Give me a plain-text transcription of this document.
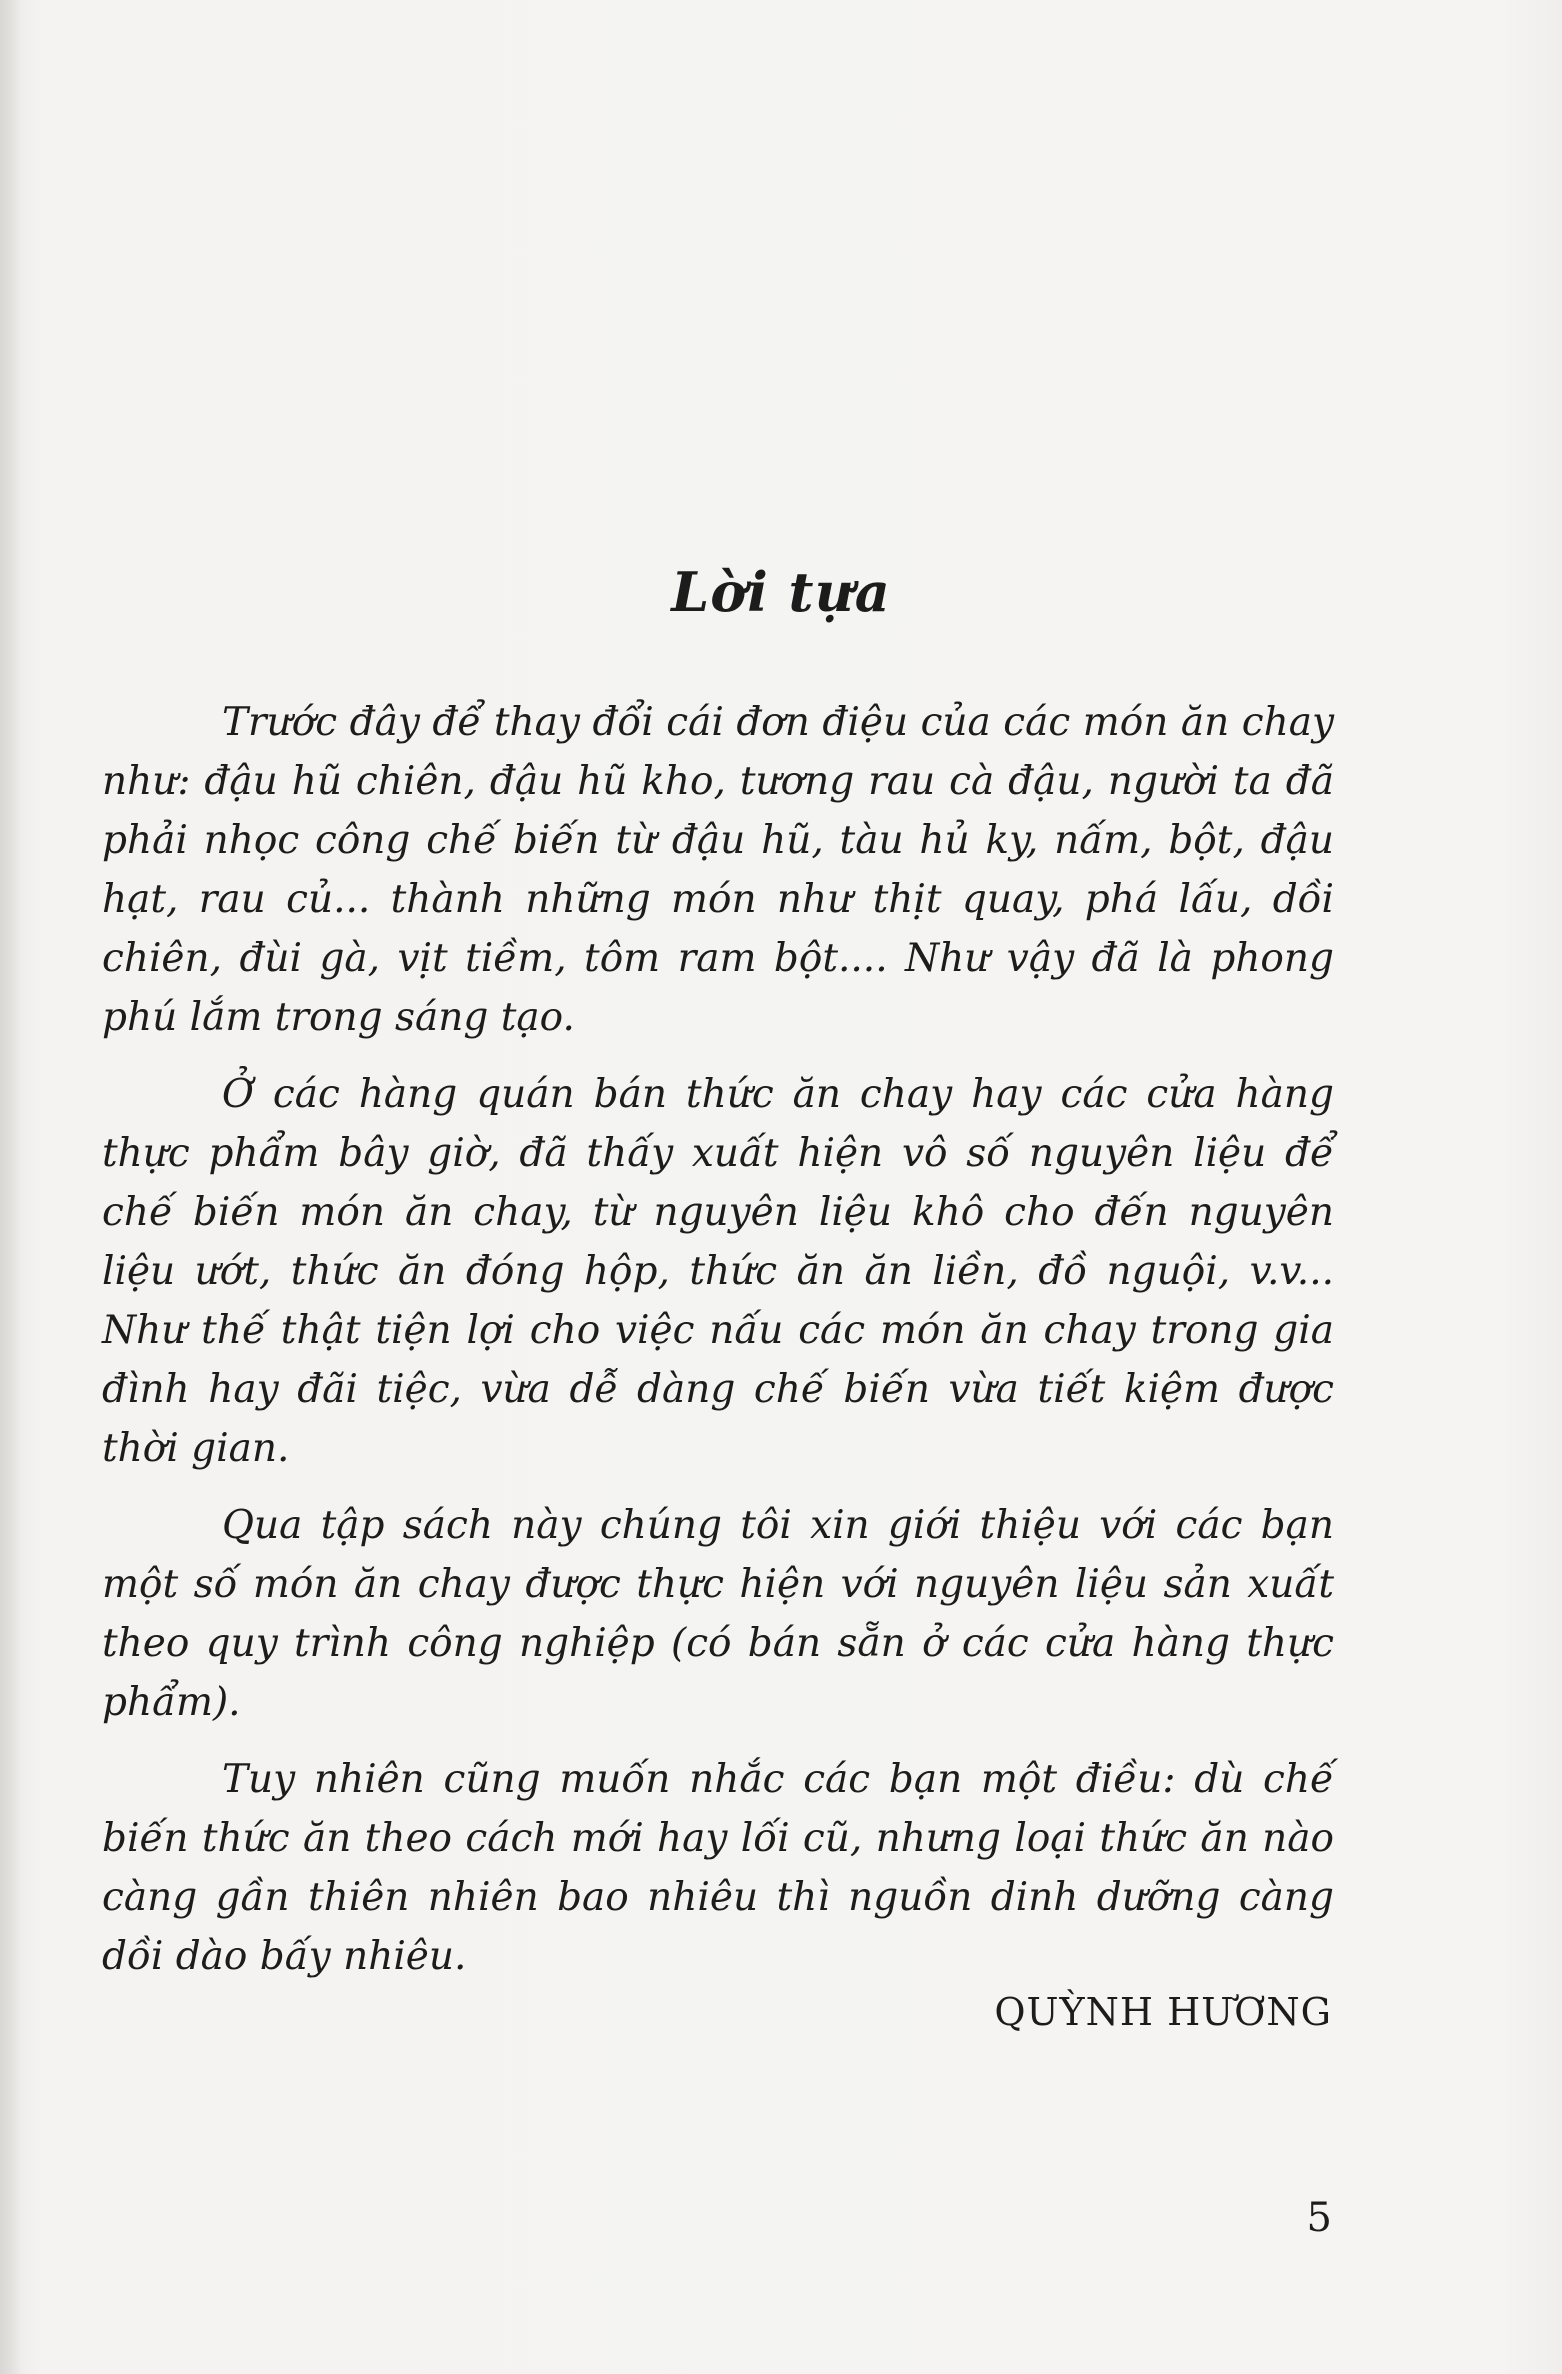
Lời tựa

Trước đây để thay đổi cái đơn điệu của các món ăn chay như: đậu hũ chiên, đậu hũ kho, tương rau cà đậu, người ta đã phải nhọc công chế biến từ đậu hũ, tàu hủ ky, nấm, bột, đậu hạt, rau củ... thành những món như thịt quay, phá lấu, dồi chiên, đùi gà, vịt tiềm, tôm ram bột.... Như vậy đã là phong phú lắm trong sáng tạo.

Ở các hàng quán bán thức ăn chay hay các cửa hàng thực phẩm bây giờ, đã thấy xuất hiện vô số nguyên liệu để chế biến món ăn chay, từ nguyên liệu khô cho đến nguyên liệu ướt, thức ăn đóng hộp, thức ăn ăn liền, đồ nguội, v.v... Như thế thật tiện lợi cho việc nấu các món ăn chay trong gia đình hay đãi tiệc, vừa dễ dàng chế biến vừa tiết kiệm được thời gian.

Qua tập sách này chúng tôi xin giới thiệu với các bạn một số món ăn chay được thực hiện với nguyên liệu sản xuất theo quy trình công nghiệp (có bán sẵn ở các cửa hàng thực phẩm).

Tuy nhiên cũng muốn nhắc các bạn một điều: dù chế biến thức ăn theo cách mới hay lối cũ, nhưng loại thức ăn nào càng gần thiên nhiên bao nhiêu thì nguồn dinh dưỡng càng dồi dào bấy nhiêu.

QUỲNH HƯƠNG
5
